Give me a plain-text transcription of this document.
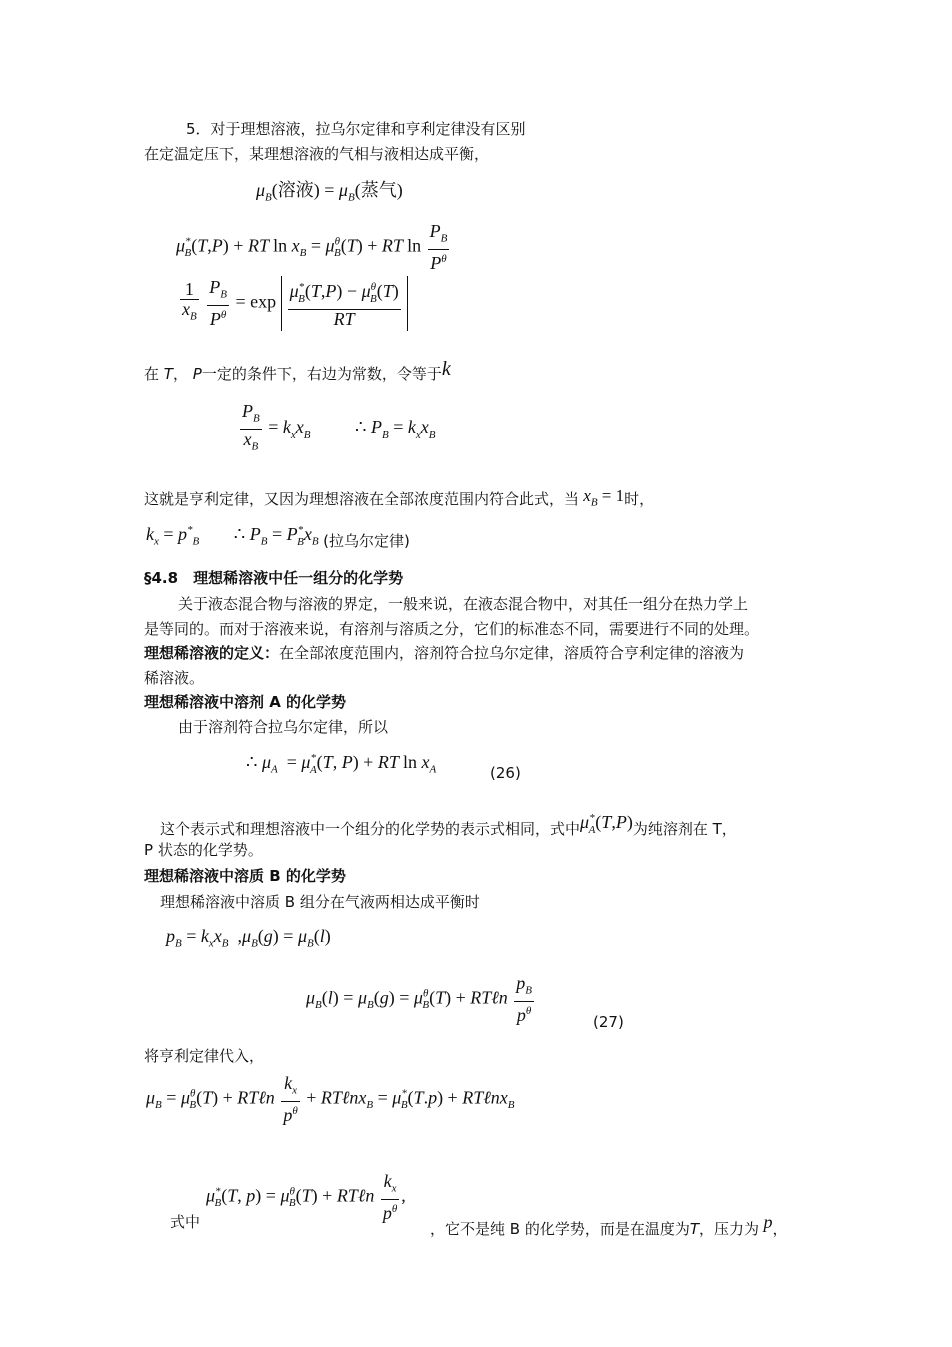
5．对于理想溶液，拉乌尔定律和亨利定律没有区别
在定温定压下，某理想溶液的气相与液相达成平衡，
$\mu_B$(溶液) = $\mu_B$(蒸气)
$\mu^*_B(T,P)$ + RT $\ln x_B = \mu^\theta_B(T)$ + RT $\ln \frac{P_B}{P^\theta}$
$\frac{1}{x_B}$
$\frac{P_B}{P^\theta} = \exp \frac{\mu^*_B(T,P) - \mu^\theta_B(T)}{RT}$
在 T， P一定的条件下，右边为常数，令等于k
$\frac{P_B}{x_B} = k_xx_B$ ∴ $P_B = k_xx_B$
这就是亨利定律，又因为理想溶液在全部浓度范围内符合此式，当 $x_B = 1$时，
$k_x = p^*_B$ ∴ $P_B = P^*_Bx_B$ $_{(拉乌尔定律)}$
§4.8　理想稀溶液中任一组分的化学势
关于液态混合物与溶液的界定，一般来说，在液态混合物中，对其任一组分在热力学上
是等同的。而对于溶液来说，有溶剂与溶质之分，它们的标准态不同，需要进行不同的处理。
理想稀溶液的定义：在全部浓度范围内，溶剂符合拉乌尔定律，溶质符合亨利定律的溶液为
稀溶液。
理想稀溶液中溶剂 A 的化学势
由于溶剂符合拉乌尔定律，所以
∴ $\mu_A = \mu^*_A(T$, P) + RT $\ln x_A$	(26)
这个表示式和理想溶液中一个组分的化学势的表示式相同，式中$\mu^*_A(T,P)$为纯溶剂在 T，
P 状态的化学势。
理想稀溶液中溶质 B 的化学势
理想稀溶液中溶质 B 组分在气液两相达成平衡时
$p_B = k_xx_B$  $,\mu_B(g) = \mu_B(l)$
$\mu_B(l) = \mu_B(g) = \mu^\theta_B(T)$ + RTℓn $\frac{p_B}{p^\theta}$	(27)
将亨利定律代入，
$\mu_B = \mu^\theta_B(T)$ + RTℓn $\frac{k_x}{p^\theta}$ + RTℓnx$_B$ = $\mu^*_B(T.p)$ + RTℓnx$_B$
$\mu^*_B(T$, $p) = \mu^\theta_B(T)$ + RTℓn $\frac{k_x}{p^\theta}$ ,
式中	，它不是纯 B 的化学势，而是在温度为T，压力为 p，
